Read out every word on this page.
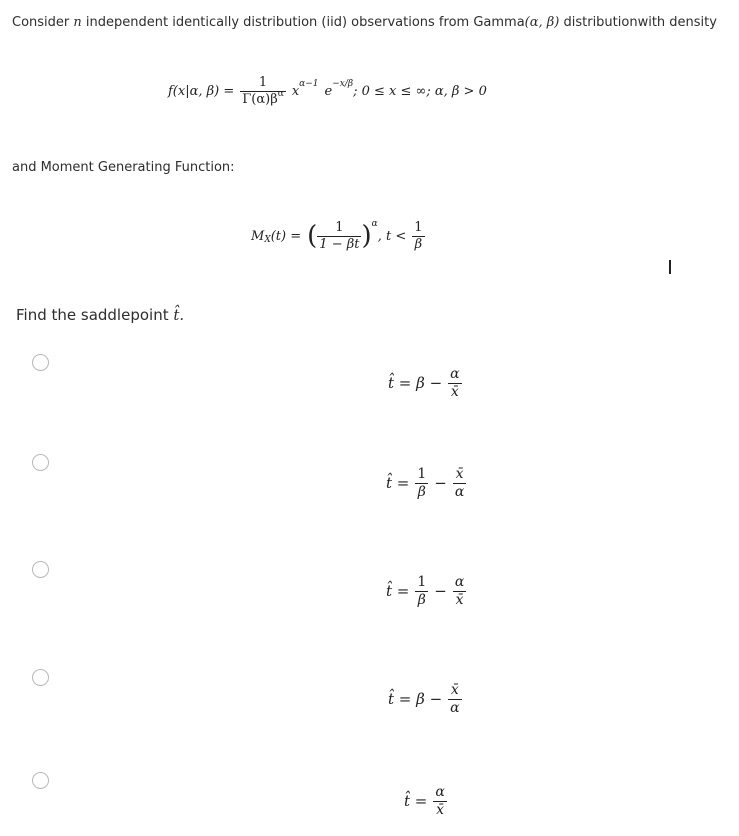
Consider n independent identically distribution (iid) observations from Gamma(α, β) distributionwith density
f(x|α, $\beta) = \frac{1}{\Gamma(\alpha)\beta^\alpha}$ x α−1 e −x/β ; 0 ≤ x ≤ ∞; α, β > 0
and Moment Generating Function:
M X (t) = ( $\frac{1}{1 - \beta t}$ ) α
, $t < \frac{1}{\beta}$
Find the saddlepoint t̂.
t̂ = $\beta - \frac{\alpha}{x̄}$
t̂ = $\frac{1}{\beta} - \frac{x̄}{\alpha}$
t̂ = $\frac{1}{\beta} - \frac{\alpha}{x̄}$
t̂ = $\beta - \frac{x̄}{\alpha}$
t̂ = $\frac{\alpha}{x̄}$
